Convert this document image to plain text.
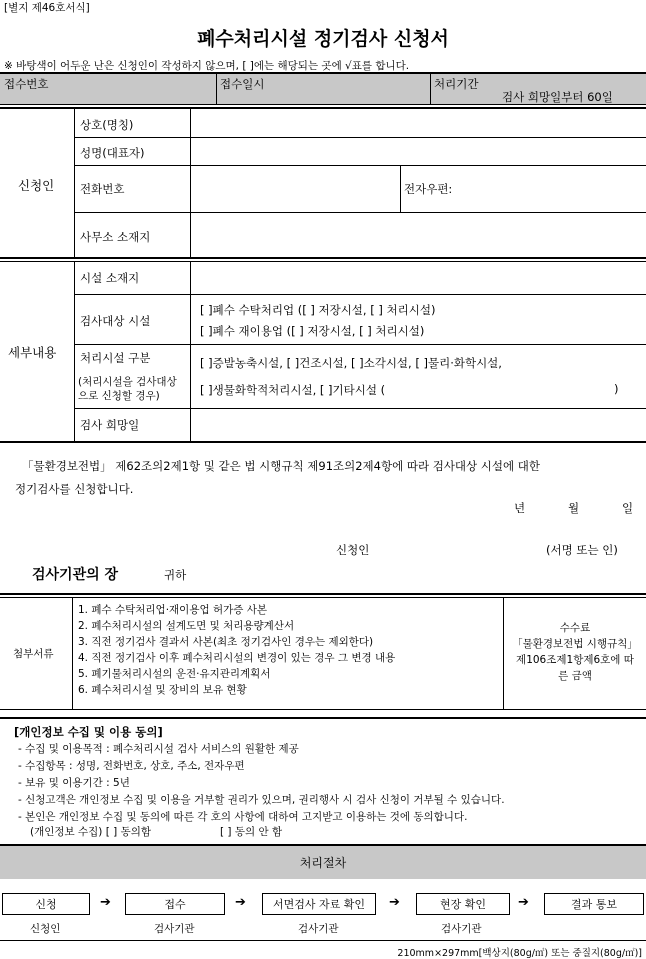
[별지 제46호서식]
폐수처리시설 정기검사 신청서
※ 바탕색이 어두운 난은 신청인이 작성하지 않으며, [ ]에는 해당되는 곳에 √표를 합니다.
접수번호	접수일시	처리기간
검사 희망일부터 60일
신청인
상호(명칭)
성명(대표자)
전화번호	전자우편:
사무소 소재지
세부내용
시설 소재지
검사대상 시설
[ ]폐수 수탁처리업 ([ ] 저장시설, [ ] 처리시설)
[ ]폐수 재이용업 ([ ] 저장시설, [ ] 처리시설)
처리시설 구분
(처리시설을 검사대상
으로 신청할 경우)
[ ]증발농축시설, [ ]건조시설, [ ]소각시설, [ ]물리·화학시설,
[ ]생물화학적처리시설, [ ]기타시설 (	)
검사 희망일
「물환경보전법」 제62조의2제1항 및 같은 법 시행규칙 제91조의2제4항에 따라 검사대상 시설에 대한
정기검사를 신청합니다.
년	월	일
신청인	(서명 또는 인)
검사기관의 장	귀하
첨부서류
1. 폐수 수탁처리업·재이용업 허가증 사본
2. 폐수처리시설의 설계도면 및 처리용량계산서
3. 직전 정기검사 결과서 사본(최초 정기검사인 경우는 제외한다)
4. 직전 정기검사 이후 폐수처리시설의 변경이 있는 경우 그 변경 내용
5. 폐기물처리시설의 운전·유지관리계획서
6. 폐수처리시설 및 장비의 보유 현황
수수료
「물환경보전법 시행규칙」
제106조제1항제6호에 따
른 금액
[개인정보 수집 및 이용 동의]
- 수집 및 이용목적 : 폐수처리시설 검사 서비스의 원활한 제공
- 수집항목 : 성명, 전화번호, 상호, 주소, 전자우편
- 보유 및 이용기간 : 5년
- 신청고객은 개인정보 수집 및 이용을 거부할 권리가 있으며, 권리행사 시 검사 신청이 거부될 수 있습니다.
- 본인은 개인정보 수집 및 동의에 따른 각 호의 사항에 대하여 고지받고 이용하는 것에 동의합니다.
(개인정보 수집) [ ] 동의함	[ ] 동의 안 함
처리절차
신청	➔	접수	➔	서면검사 자료 확인	➔	현장 확인	➔	결과 통보
신청인	검사기관	검사기관	검사기관
210mm×297mm[백상지(80g/㎡) 또는 중질지(80g/㎡)]
